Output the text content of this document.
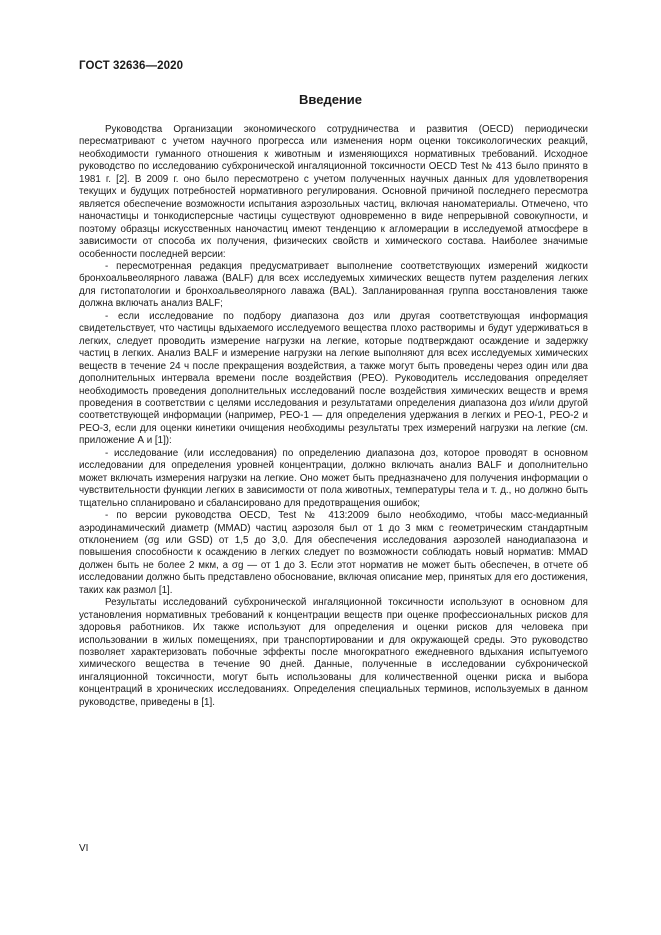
ГОСТ 32636—2020
Введение

Руководства Организации экономического сотрудничества и развития (OECD) периодически пересматривают с учетом научного прогресса или изменения норм оценки токсикологических реакций, необходимости гуманного отношения к животным и изменяющихся нормативных требований. Исходное руководство по исследованию субхронической ингаляционной токсичности OECD Test № 413 было принято в 1981 г. [2]. В 2009 г. оно было пересмотрено с учетом полученных научных данных для удовлетворения текущих и будущих потребностей нормативного регулирования. Основной причиной последнего пересмотра является обеспечение возможности испытания аэрозольных частиц, включая наноматериалы. Отмечено, что наночастицы и тонкодисперсные частицы существуют одновременно в виде непрерывной совокупности, и поэтому образцы искусственных наночастиц имеют тенденцию к агломерации в исследуемой атмосфере в зависимости от способа их получения, физических свойств и химического состава. Наиболее значимые особенности последней версии:

- пересмотренная редакция предусматривает выполнение соответствующих измерений жидкости бронхоальвеолярного лаважа (BALF) для всех исследуемых химических веществ путем разделения легких для гистопатологии и бронхоальвеолярного лаважа (BAL). Запланированная группа восстановления также должна включать анализ BALF;

- если исследование по подбору диапазона доз или другая соответствующая информация свидетельствует, что частицы вдыхаемого исследуемого вещества плохо растворимы и будут удерживаться в легких, следует проводить измерение нагрузки на легкие, которые подтверждают осаждение и задержку частиц в легких. Анализ BALF и измерение нагрузки на легкие выполняют для всех исследуемых химических веществ в течение 24 ч после прекращения воздействия, а также могут быть проведены через один или два дополнительных интервала времени после воздействия (PEO). Руководитель исследования определяет необходимость проведения дополнительных исследований после воздействия химических веществ и время проведения в соответствии с целями исследования и результатами определения диапазона доз и/или другой соответствующей информации (например, PEO-1 — для определения удержания в легких и PEO-1, PEO-2 и PEO-3, если для оценки кинетики очищения необходимы результаты трех измерений нагрузки на легкие (см. приложение А и [1]):

- исследование (или исследования) по определению диапазона доз, которое проводят в основном исследовании для определения уровней концентрации, должно включать анализ BALF и дополнительно может включать измерения нагрузки на легкие. Оно может быть предназначено для получения информации о чувствительности функции легких в зависимости от пола животных, температуры тела и т. д., но должно быть тщательно спланировано и сбалансировано для предотвращения ошибок;

- по версии руководства OECD, Test № 413:2009 было необходимо, чтобы масс-медианный аэродинамический диаметр (MMAD) частиц аэрозоля был от 1 до 3 мкм с геометрическим стандартным отклонением (σg или GSD) от 1,5 до 3,0. Для обеспечения исследования аэрозолей нанодиапазона и повышения способности к осаждению в легких следует по возможности соблюдать новый норматив: MMAD должен быть не более 2 мкм, а σg — от 1 до 3. Если этот норматив не может быть обеспечен, в отчете об исследовании должно быть представлено обоснование, включая описание мер, принятых для его достижения, таких как размол [1].

Результаты исследований субхронической ингаляционной токсичности используют в основном для установления нормативных требований к концентрации веществ при оценке профессиональных рисков для здоровья работников. Их также используют для определения и оценки рисков для человека при использовании в жилых помещениях, при транспортировании и для окружающей среды. Это руководство позволяет характеризовать побочные эффекты после многократного ежедневного вдыхания испытуемого химического вещества в течение 90 дней. Данные, полученные в исследовании субхронической ингаляционной токсичности, могут быть использованы для количественной оценки риска и выбора концентраций в хронических исследованиях. Определения специальных терминов, используемых в данном руководстве, приведены в [1].

VI
